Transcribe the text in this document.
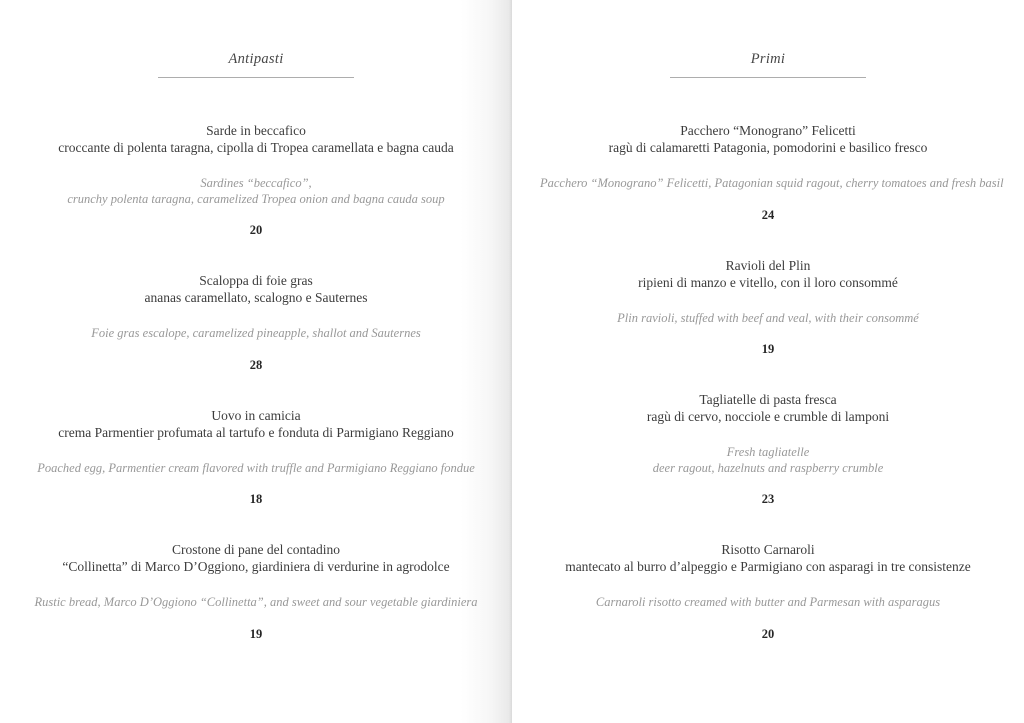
Antipasti
Sarde in beccafico
croccante di polenta taragna, cipolla di Tropea caramellata e bagna cauda
Sardines “beccafico”,
crunchy polenta taragna, caramelized Tropea onion and bagna cauda soup
20
Scaloppa di foie gras
ananas caramellato, scalogno e Sauternes
Foie gras escalope, caramelized pineapple, shallot and Sauternes
28
Uovo in camicia
crema Parmentier profumata al tartufo e fonduta di Parmigiano Reggiano
Poached egg, Parmentier cream flavored with truffle and Parmigiano Reggiano fondue
18
Crostone di pane del contadino
“Collinetta” di Marco D’Oggiono, giardiniera di verdurine in agrodolce
Rustic bread, Marco D’Oggiono “Collinetta”, and sweet and sour vegetable giardiniera
19
Primi
Pacchero “Monograno” Felicetti
ragù di calamaretti Patagonia, pomodorini e basilico fresco
Pacchero “Monograno” Felicetti, Patagonian squid ragout, cherry tomatoes and fresh basil
24
Ravioli del Plin
ripieni di manzo e vitello, con il loro consommé
Plin ravioli, stuffed with beef and veal, with their consommé
19
Tagliatelle di pasta fresca
ragù di cervo, nocciole e crumble di lamponi
Fresh tagliatelle
deer ragout, hazelnuts and raspberry crumble
23
Risotto Carnaroli
mantecato al burro d’alpeggio e Parmigiano con asparagi in tre consistenze
Carnaroli risotto creamed with butter and Parmesan with asparagus
20
